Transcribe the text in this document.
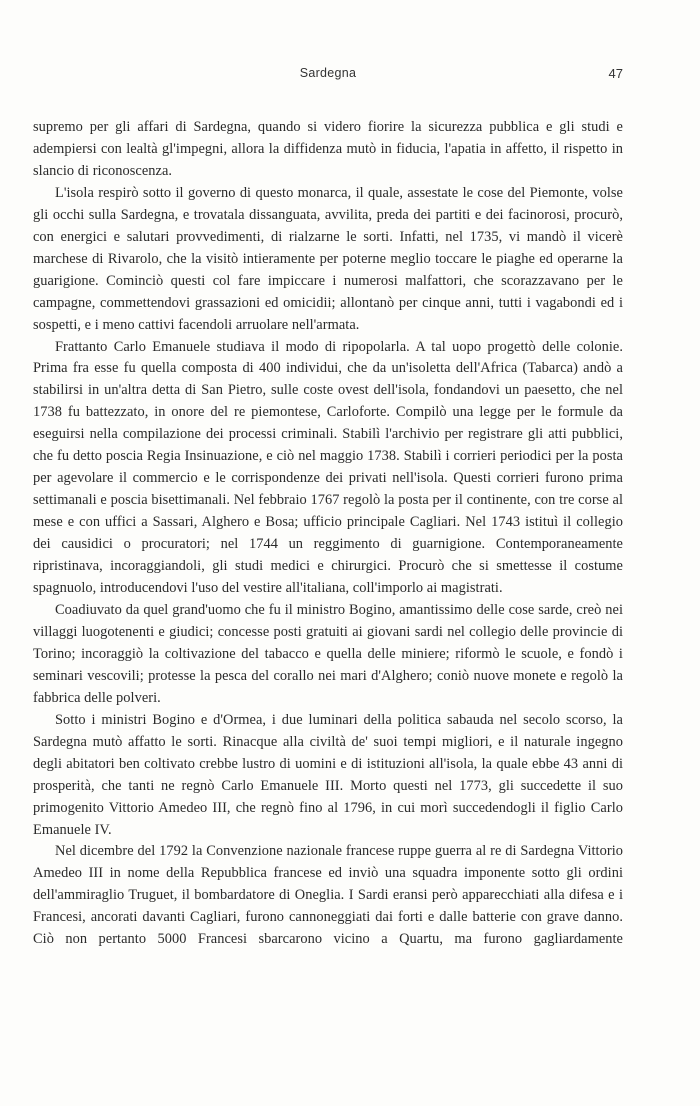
Sardegna	47

supremo per gli affari di Sardegna, quando si videro fiorire la sicurezza pubblica e gli studi e adempiersi con lealtà gl'impegni, allora la diffidenza mutò in fiducia, l'apatia in affetto, il rispetto in slancio di riconoscenza.

L'isola respirò sotto il governo di questo monarca, il quale, assestate le cose del Piemonte, volse gli occhi sulla Sardegna, e trovatala dissanguata, avvilita, preda dei partiti e dei facinorosi, procurò, con energici e salutari provvedimenti, di rialzarne le sorti. Infatti, nel 1735, vi mandò il vicerè marchese di Rivarolo, che la visitò intieramente per poterne meglio toccare le piaghe ed operarne la guarigione. Cominciò questi col fare impiccare i numerosi malfattori, che scorazzavano per le campagne, commettendovi grassazioni ed omicidii; allontanò per cinque anni, tutti i vagabondi ed i sospetti, e i meno cattivi facendoli arruolare nell'armata.

Frattanto Carlo Emanuele studiava il modo di ripopolarla. A tal uopo progettò delle colonie. Prima fra esse fu quella composta di 400 individui, che da un'isoletta dell'Africa (Tabarca) andò a stabilirsi in un'altra detta di San Pietro, sulle coste ovest dell'isola, fondandovi un paesetto, che nel 1738 fu battezzato, in onore del re piemontese, Carloforte. Compilò una legge per le formule da eseguirsi nella compilazione dei processi criminali. Stabilì l'archivio per registrare gli atti pubblici, che fu detto poscia Regia Insinuazione, e ciò nel maggio 1738. Stabilì i corrieri periodici per la posta per agevolare il commercio e le corrispondenze dei privati nell'isola. Questi corrieri furono prima settimanali e poscia bisettimanali. Nel febbraio 1767 regolò la posta per il continente, con tre corse al mese e con uffici a Sassari, Alghero e Bosa; ufficio principale Cagliari. Nel 1743 istituì il collegio dei causidici o procuratori; nel 1744 un reggimento di guarnigione. Contemporaneamente ripristinava, incoraggiandoli, gli studi medici e chirurgici. Procurò che si smettesse il costume spagnuolo, introducendovi l'uso del vestire all'italiana, coll'imporlo ai magistrati.

Coadiuvato da quel grand'uomo che fu il ministro Bogino, amantissimo delle cose sarde, creò nei villaggi luogotenenti e giudici; concesse posti gratuiti ai giovani sardi nel collegio delle provincie di Torino; incoraggiò la coltivazione del tabacco e quella delle miniere; riformò le scuole, e fondò i seminari vescovili; protesse la pesca del corallo nei mari d'Alghero; coniò nuove monete e regolò la fabbrica delle polveri.

Sotto i ministri Bogino e d'Ormea, i due luminari della politica sabauda nel secolo scorso, la Sardegna mutò affatto le sorti. Rinacque alla civiltà de' suoi tempi migliori, e il naturale ingegno degli abitatori ben coltivato crebbe lustro di uomini e di istituzioni all'isola, la quale ebbe 43 anni di prosperità, che tanti ne regnò Carlo Emanuele III. Morto questi nel 1773, gli succedette il suo primogenito Vittorio Amedeo III, che regnò fino al 1796, in cui morì succedendogli il figlio Carlo Emanuele IV.

Nel dicembre del 1792 la Convenzione nazionale francese ruppe guerra al re di Sardegna Vittorio Amedeo III in nome della Repubblica francese ed inviò una squadra imponente sotto gli ordini dell'ammiraglio Truguet, il bombardatore di Oneglia. I Sardi eransi però apparecchiati alla difesa e i Francesi, ancorati davanti Cagliari, furono cannoneggiati dai forti e dalle batterie con grave danno. Ciò non pertanto 5000 Francesi sbarcarono vicino a Quartu, ma furono gagliardamente
